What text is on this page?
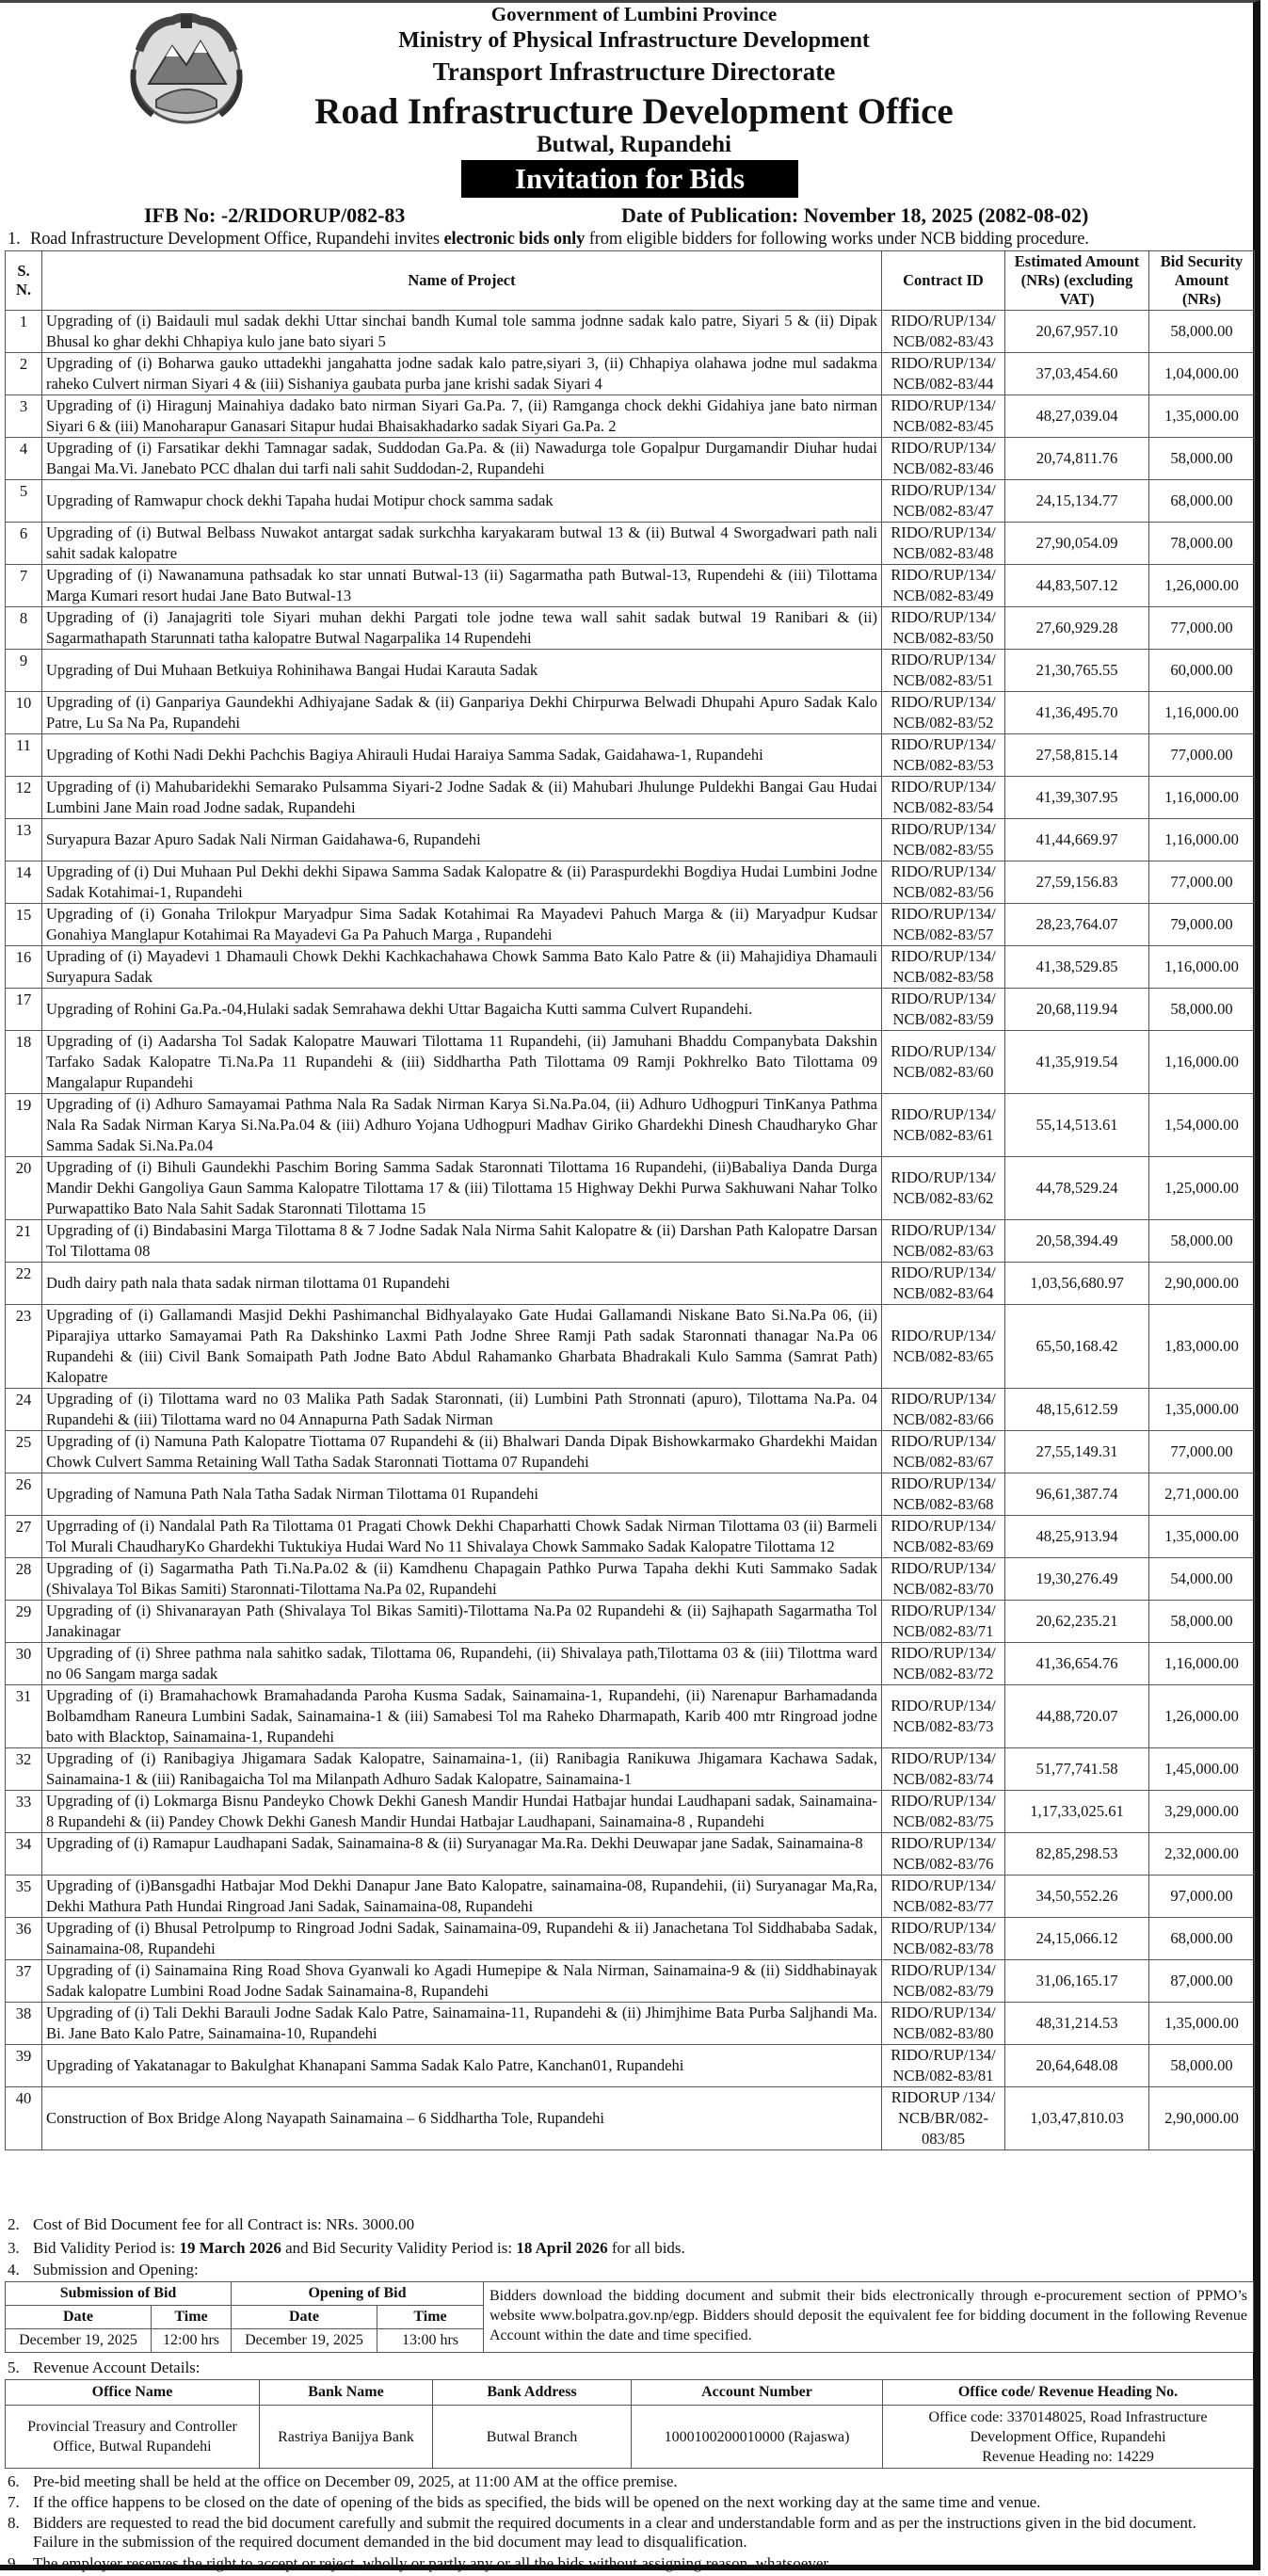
Government of Lumbini Province
Ministry of Physical Infrastructure Development
Transport Infrastructure Directorate
Road Infrastructure Development Office
Butwal, Rupandehi
Invitation for Bids
IFB No: -2/RIDORUP/082-83	Date of Publication: November 18, 2025 (2082-08-02)
1. Road Infrastructure Development Office, Rupandehi invites electronic bids only from eligible bidders for following works under NCB bidding procedure.
S. N.	Name of Project	Contract ID	Estimated Amount (NRs) (excluding VAT)	Bid Security Amount (NRs)
1	Upgrading of (i) Baidauli mul sadak dekhi Uttar sinchai bandh Kumal tole samma jodnne sadak kalo patre, Siyari 5 & (ii) Dipak Bhusal ko ghar dekhi Chhapiya kulo jane bato siyari 5	RIDO/RUP/134/ NCB/082-83/43	20,67,957.10	58,000.00
2	Upgrading of (i) Boharwa gauko uttadekhi jangahatta jodne sadak kalo patre,siyari 3, (ii) Chhapiya olahawa jodne mul sadakma raheko Culvert nirman Siyari 4 & (iii) Sishaniya gaubata purba jane krishi sadak Siyari 4	RIDO/RUP/134/ NCB/082-83/44	37,03,454.60	1,04,000.00
3	Upgrading of (i) Hiragunj Mainahiya dadako bato nirman Siyari Ga.Pa. 7, (ii) Ramganga chock dekhi Gidahiya jane bato nirman Siyari 6 & (iii) Manoharapur Ganasari Sitapur hudai Bhaisakhadarko sadak Siyari Ga.Pa. 2	RIDO/RUP/134/ NCB/082-83/45	48,27,039.04	1,35,000.00
4	Upgrading of (i) Farsatikar dekhi Tamnagar sadak, Suddodan Ga.Pa. & (ii) Nawadurga tole Gopalpur Durgamandir Diuhar hudai Bangai Ma.Vi. Janebato PCC dhalan dui tarfi nali sahit Suddodan-2, Rupandehi	RIDO/RUP/134/ NCB/082-83/46	20,74,811.76	58,000.00
5	Upgrading of Ramwapur chock dekhi Tapaha hudai Motipur chock samma sadak	RIDO/RUP/134/ NCB/082-83/47	24,15,134.77	68,000.00
6	Upgrading of (i) Butwal Belbass Nuwakot antargat sadak surkchha karyakaram butwal 13 & (ii) Butwal 4 Sworgadwari path nali sahit sadak kalopatre	RIDO/RUP/134/ NCB/082-83/48	27,90,054.09	78,000.00
7	Upgrading of (i) Nawanamuna pathsadak ko star unnati Butwal-13 (ii) Sagarmatha path Butwal-13, Rupendehi & (iii) Tilottama Marga Kumari resort hudai Jane Bato Butwal-13	RIDO/RUP/134/ NCB/082-83/49	44,83,507.12	1,26,000.00
8	Upgrading of (i) Janajagriti tole Siyari muhan dekhi Pargati tole jodne tewa wall sahit sadak butwal 19 Ranibari & (ii) Sagarmathapath Starunnati tatha kalopatre Butwal Nagarpalika 14 Rupendehi	RIDO/RUP/134/ NCB/082-83/50	27,60,929.28	77,000.00
9	Upgrading of Dui Muhaan Betkuiya Rohinihawa Bangai Hudai Karauta Sadak	RIDO/RUP/134/ NCB/082-83/51	21,30,765.55	60,000.00
10	Upgrading of (i) Ganpariya Gaundekhi Adhiyajane Sadak & (ii) Ganpariya Dekhi Chirpurwa Belwadi Dhupahi Apuro Sadak Kalo Patre, Lu Sa Na Pa, Rupandehi	RIDO/RUP/134/ NCB/082-83/52	41,36,495.70	1,16,000.00
11	Upgrading of Kothi Nadi Dekhi Pachchis Bagiya Ahirauli Hudai Haraiya Samma Sadak, Gaidahawa-1, Rupandehi	RIDO/RUP/134/ NCB/082-83/53	27,58,815.14	77,000.00
12	Upgrading of (i) Mahubaridekhi Semarako Pulsamma Siyari-2 Jodne Sadak & (ii) Mahubari Jhulunge Puldekhi Bangai Gau Hudai Lumbini Jane Main road Jodne sadak, Rupandehi	RIDO/RUP/134/ NCB/082-83/54	41,39,307.95	1,16,000.00
13	Suryapura Bazar Apuro Sadak Nali Nirman Gaidahawa-6, Rupandehi	RIDO/RUP/134/ NCB/082-83/55	41,44,669.97	1,16,000.00
14	Upgrading of (i) Dui Muhaan Pul Dekhi dekhi Sipawa Samma Sadak Kalopatre & (ii) Paraspurdekhi Bogdiya Hudai Lumbini Jodne Sadak Kotahimai-1, Rupandehi	RIDO/RUP/134/ NCB/082-83/56	27,59,156.83	77,000.00
15	Upgrading of (i) Gonaha Trilokpur Maryadpur Sima Sadak Kotahimai Ra Mayadevi Pahuch Marga & (ii) Maryadpur Kudsar Gonahiya Manglapur Kotahimai Ra Mayadevi Ga Pa Pahuch Marga , Rupandehi	RIDO/RUP/134/ NCB/082-83/57	28,23,764.07	79,000.00
16	Uprading of (i) Mayadevi 1 Dhamauli Chowk Dekhi Kachkachahawa Chowk Samma Bato Kalo Patre & (ii) Mahajidiya Dhamauli Suryapura Sadak	RIDO/RUP/134/ NCB/082-83/58	41,38,529.85	1,16,000.00
17	Upgrading of Rohini Ga.Pa.-04,Hulaki sadak Semrahawa dekhi Uttar Bagaicha Kutti samma Culvert Rupandehi.	RIDO/RUP/134/ NCB/082-83/59	20,68,119.94	58,000.00
18	Upgrading of (i) Aadarsha Tol Sadak Kalopatre Mauwari Tilottama 11 Rupandehi, (ii) Jamuhani Bhaddu Companybata Dakshin Tarfako Sadak Kalopatre Ti.Na.Pa 11 Rupandehi & (iii) Siddhartha Path Tilottama 09 Ramji Pokhrelko Bato Tilottama 09 Mangalapur Rupandehi	RIDO/RUP/134/ NCB/082-83/60	41,35,919.54	1,16,000.00
19	Upgrading of (i) Adhuro Samayamai Pathma Nala Ra Sadak Nirman Karya Si.Na.Pa.04, (ii) Adhuro Udhogpuri TinKanya Pathma Nala Ra Sadak Nirman Karya Si.Na.Pa.04 & (iii) Adhuro Yojana Udhogpuri Madhav Giriko Ghardekhi Dinesh Chaudharyko Ghar Samma Sadak Si.Na.Pa.04	RIDO/RUP/134/ NCB/082-83/61	55,14,513.61	1,54,000.00
20	Upgrading of (i) Bihuli Gaundekhi Paschim Boring Samma Sadak Staronnati Tilottama 16 Rupandehi, (ii)Babaliya Danda Durga Mandir Dekhi Gangoliya Gaun Samma Kalopatre Tilottama 17 & (iii) Tilottama 15 Highway Dekhi Purwa Sakhuwani Nahar Tolko Purwapattiko Bato Nala Sahit Sadak Staronnati Tilottama 15	RIDO/RUP/134/ NCB/082-83/62	44,78,529.24	1,25,000.00
21	Upgrading of (i) Bindabasini Marga Tilottama 8 & 7 Jodne Sadak Nala Nirma Sahit Kalopatre & (ii) Darshan Path Kalopatre Darsan Tol Tilottama 08	RIDO/RUP/134/ NCB/082-83/63	20,58,394.49	58,000.00
22	Dudh dairy path nala thata sadak nirman tilottama 01 Rupandehi	RIDO/RUP/134/ NCB/082-83/64	1,03,56,680.97	2,90,000.00
23	Upgrading of (i) Gallamandi Masjid Dekhi Pashimanchal Bidhyalayako Gate Hudai Gallamandi Niskane Bato Si.Na.Pa 06, (ii) Piparajiya uttarko Samayamai Path Ra Dakshinko Laxmi Path Jodne Shree Ramji Path sadak Staronnati thanagar Na.Pa 06 Rupandehi & (iii) Civil Bank Somaipath Path Jodne Bato Abdul Rahamanko Gharbata Bhadrakali Kulo Samma (Samrat Path) Kalopatre	RIDO/RUP/134/ NCB/082-83/65	65,50,168.42	1,83,000.00
24	Upgrading of (i) Tilottama ward no 03 Malika Path Sadak Staronnati, (ii) Lumbini Path Stronnati (apuro), Tilottama Na.Pa. 04 Rupandehi & (iii) Tilottama ward no 04 Annapurna Path Sadak Nirman	RIDO/RUP/134/ NCB/082-83/66	48,15,612.59	1,35,000.00
25	Upgrading of (i) Namuna Path Kalopatre Tiottama 07 Rupandehi & (ii) Bhalwari Danda Dipak Bishowkarmako Ghardekhi Maidan Chowk Culvert Samma Retaining Wall Tatha Sadak Staronnati Tiottama 07 Rupandehi	RIDO/RUP/134/ NCB/082-83/67	27,55,149.31	77,000.00
26	Upgrading of Namuna Path Nala Tatha Sadak Nirman Tilottama 01 Rupandehi	RIDO/RUP/134/ NCB/082-83/68	96,61,387.74	2,71,000.00
27	Upgrrading of (i) Nandalal Path Ra Tilottama 01 Pragati Chowk Dekhi Chaparhatti Chowk Sadak Nirman Tilottama 03 (ii) Barmeli Tol Murali ChaudharyKo Ghardekhi Tuktukiya Hudai Ward No 11 Shivalaya Chowk Sammako Sadak Kalopatre Tilottama 12	RIDO/RUP/134/ NCB/082-83/69	48,25,913.94	1,35,000.00
28	Upgrading of (i) Sagarmatha Path Ti.Na.Pa.02 & (ii) Kamdhenu Chapagain Pathko Purwa Tapaha dekhi Kuti Sammako Sadak (Shivalaya Tol Bikas Samiti) Staronnati-Tilottama Na.Pa 02, Rupandehi	RIDO/RUP/134/ NCB/082-83/70	19,30,276.49	54,000.00
29	Upgrading of (i) Shivanarayan Path (Shivalaya Tol Bikas Samiti)-Tilottama Na.Pa 02 Rupandehi & (ii) Sajhapath Sagarmatha Tol Janakinagar	RIDO/RUP/134/ NCB/082-83/71	20,62,235.21	58,000.00
30	Upgrading of (i) Shree pathma nala sahitko sadak, Tilottama 06, Rupandehi, (ii) Shivalaya path,Tilottama 03 & (iii) Tilottma ward no 06 Sangam marga sadak	RIDO/RUP/134/ NCB/082-83/72	41,36,654.76	1,16,000.00
31	Upgrading of (i) Bramahachowk Bramahadanda Paroha Kusma Sadak, Sainamaina-1, Rupandehi, (ii) Narenapur Barhamadanda Bolbamdham Raneura Lumbini Sadak, Sainamaina-1 & (iii) Samabesi Tol ma Raheko Dharmapath, Karib 400 mtr Ringroad jodne bato with Blacktop, Sainamaina-1, Rupandehi	RIDO/RUP/134/ NCB/082-83/73	44,88,720.07	1,26,000.00
32	Upgrading of (i) Ranibagiya Jhigamara Sadak Kalopatre, Sainamaina-1, (ii) Ranibagia Ranikuwa Jhigamara Kachawa Sadak, Sainamaina-1 & (iii) Ranibagaicha Tol ma Milanpath Adhuro Sadak Kalopatre, Sainamaina-1	RIDO/RUP/134/ NCB/082-83/74	51,77,741.58	1,45,000.00
33	Upgrading of (i) Lokmarga Bisnu Pandeyko Chowk Dekhi Ganesh Mandir Hundai Hatbajar hundai Laudhapani sadak, Sainamaina-8 Rupandehi & (ii) Pandey Chowk Dekhi Ganesh Mandir Hundai Hatbajar Laudhapani, Sainamaina-8 , Rupandehi	RIDO/RUP/134/ NCB/082-83/75	1,17,33,025.61	3,29,000.00
34	Upgrading of (i) Ramapur Laudhapani Sadak, Sainamaina-8 & (ii) Suryanagar Ma.Ra. Dekhi Deuwapar jane Sadak, Sainamaina-8	RIDO/RUP/134/ NCB/082-83/76	82,85,298.53	2,32,000.00
35	Upgrading of (i)Bansgadhi Hatbajar Mod Dekhi Danapur Jane Bato Kalopatre, sainamaina-08, Rupandehii, (ii) Suryanagar Ma,Ra, Dekhi Mathura Path Hundai Ringroad Jani Sadak, Sainamaina-08, Rupandehi	RIDO/RUP/134/ NCB/082-83/77	34,50,552.26	97,000.00
36	Upgrading of (i) Bhusal Petrolpump to Ringroad Jodni Sadak, Sainamaina-09, Rupandehi & ii) Janachetana Tol Siddhababa Sadak, Sainamaina-08, Rupandehi	RIDO/RUP/134/ NCB/082-83/78	24,15,066.12	68,000.00
37	Upgrading of (i) Sainamaina Ring Road Shova Gyanwali ko Agadi Humepipe & Nala Nirman, Sainamaina-9 & (ii) Siddhabinayak Sadak kalopatre Lumbini Road Jodne Sadak Sainamaina-8, Rupandehi	RIDO/RUP/134/ NCB/082-83/79	31,06,165.17	87,000.00
38	Upgrading of (i) Tali Dekhi Barauli Jodne Sadak Kalo Patre, Sainamaina-11, Rupandehi & (ii) Jhimjhime Bata Purba Saljhandi Ma. Bi. Jane Bato Kalo Patre, Sainamaina-10, Rupandehi	RIDO/RUP/134/ NCB/082-83/80	48,31,214.53	1,35,000.00
39	Upgrading of Yakatanagar to Bakulghat Khanapani Samma Sadak Kalo Patre, Kanchan01, Rupandehi	RIDO/RUP/134/ NCB/082-83/81	20,64,648.08	58,000.00
40	Construction of Box Bridge Along Nayapath Sainamaina – 6 Siddhartha Tole, Rupandehi	RIDORUP /134/ NCB/BR/082- 083/85	1,03,47,810.03	2,90,000.00
2. Cost of Bid Document fee for all Contract is: NRs. 3000.00
3. Bid Validity Period is: 19 March 2026 and Bid Security Validity Period is: 18 April 2026 for all bids.
4. Submission and Opening:
Submission of Bid		Opening of Bid		Bidders download the bidding document and submit their bids electronically through e-procurement section of PPMO’s website www.bolpatra.gov.np/egp. Bidders should deposit the equivalent fee for bidding document in the following Revenue Account within the date and time specified.
Date	Time	Date	Time	
December 19, 2025	12:00 hrs	December 19, 2025	13:00 hrs	
5. Revenue Account Details:
Office Name	Bank Name	Bank Address	Account Number	Office code/ Revenue Heading No.
Provincial Treasury and Controller Office, Butwal Rupandehi	Rastriya Banijya Bank	Butwal Branch	1000100200010000 (Rajaswa)	Office code: 3370148025, Road Infrastructure Development Office, Rupandehi
Revenue Heading no: 14229
6. Pre-bid meeting shall be held at the office on December 09, 2025, at 11:00 AM at the office premise.
7. If the office happens to be closed on the date of opening of the bids as specified, the bids will be opened on the next working day at the same time and venue.
8. Bidders are requested to read the bid document carefully and submit the required documents in a clear and understandable form and as per the instructions given in the bid document.
Failure in the submission of the required document demanded in the bid document may lead to disqualification.
9. The employer reserves the right to accept or reject, wholly or partly any or all the bids without assigning reason, whatsoever.
